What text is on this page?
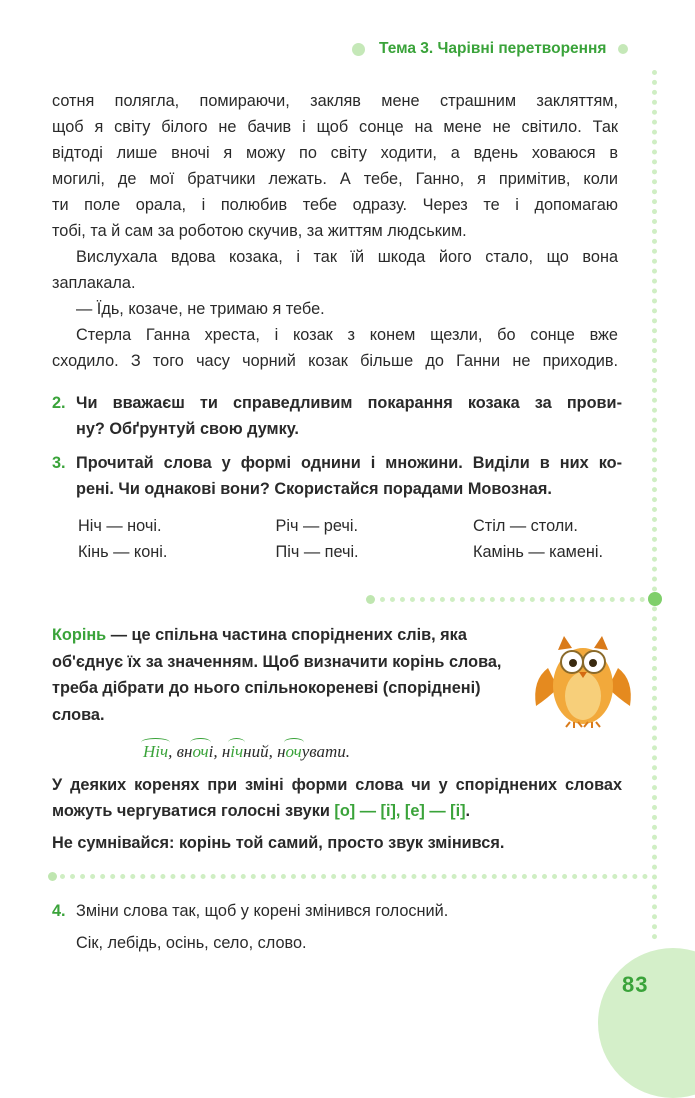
Тема 3. Чарівні перетворення
сотня полягла, помираючи, закляв мене страшним закляттям,
щоб я світу білого не бачив і щоб сонце на мене не світило. Так
відтоді лише вночі я можу по світу ходити, а вдень ховаюся в
могилі, де мої братчики лежать. А тебе, Ганно, я примітив, коли
ти поле орала, і полюбив тебе одразу. Через те і допомагаю
тобі, та й сам за роботою скучив, за життям людським.
Вислухала вдова козака, і так їй шкода його стало, що вона
заплакала.
— Їдь, козаче, не тримаю я тебе.
Стерла Ганна хреста, і козак з конем щезли, бо сонце вже
сходило. З того часу чорний козак більше до Ганни не приходив.
2. Чи вважаєш ти справедливим покарання козака за прови-
ну? Обґрунтуй свою думку.
3. Прочитай слова у формі однини і множини. Виділи в них ко-
рені. Чи однакові вони? Скористайся порадами Мовозная.
Ніч — ночі.	Річ — речі.	Стіл — столи.
Кінь — коні.	Піч — печі.	Камінь — камені.
Корінь — це спільна частина споріднених слів, яка об'єднує їх за значенням. Щоб визначити корінь слова, треба дібрати до нього спільнокореневі (споріднені) слова.
Ніч, вночі, нічний, ночувати.
У деяких коренях при зміні форми слова чи у споріднених словах можуть чергуватися голосні звуки [о] — [і], [е] — [і].
Не сумнівайся: корінь той самий, просто звук змінився.
4. Зміни слова так, щоб у корені змінився голосний.
Сік, лебідь, осінь, село, слово.
83
